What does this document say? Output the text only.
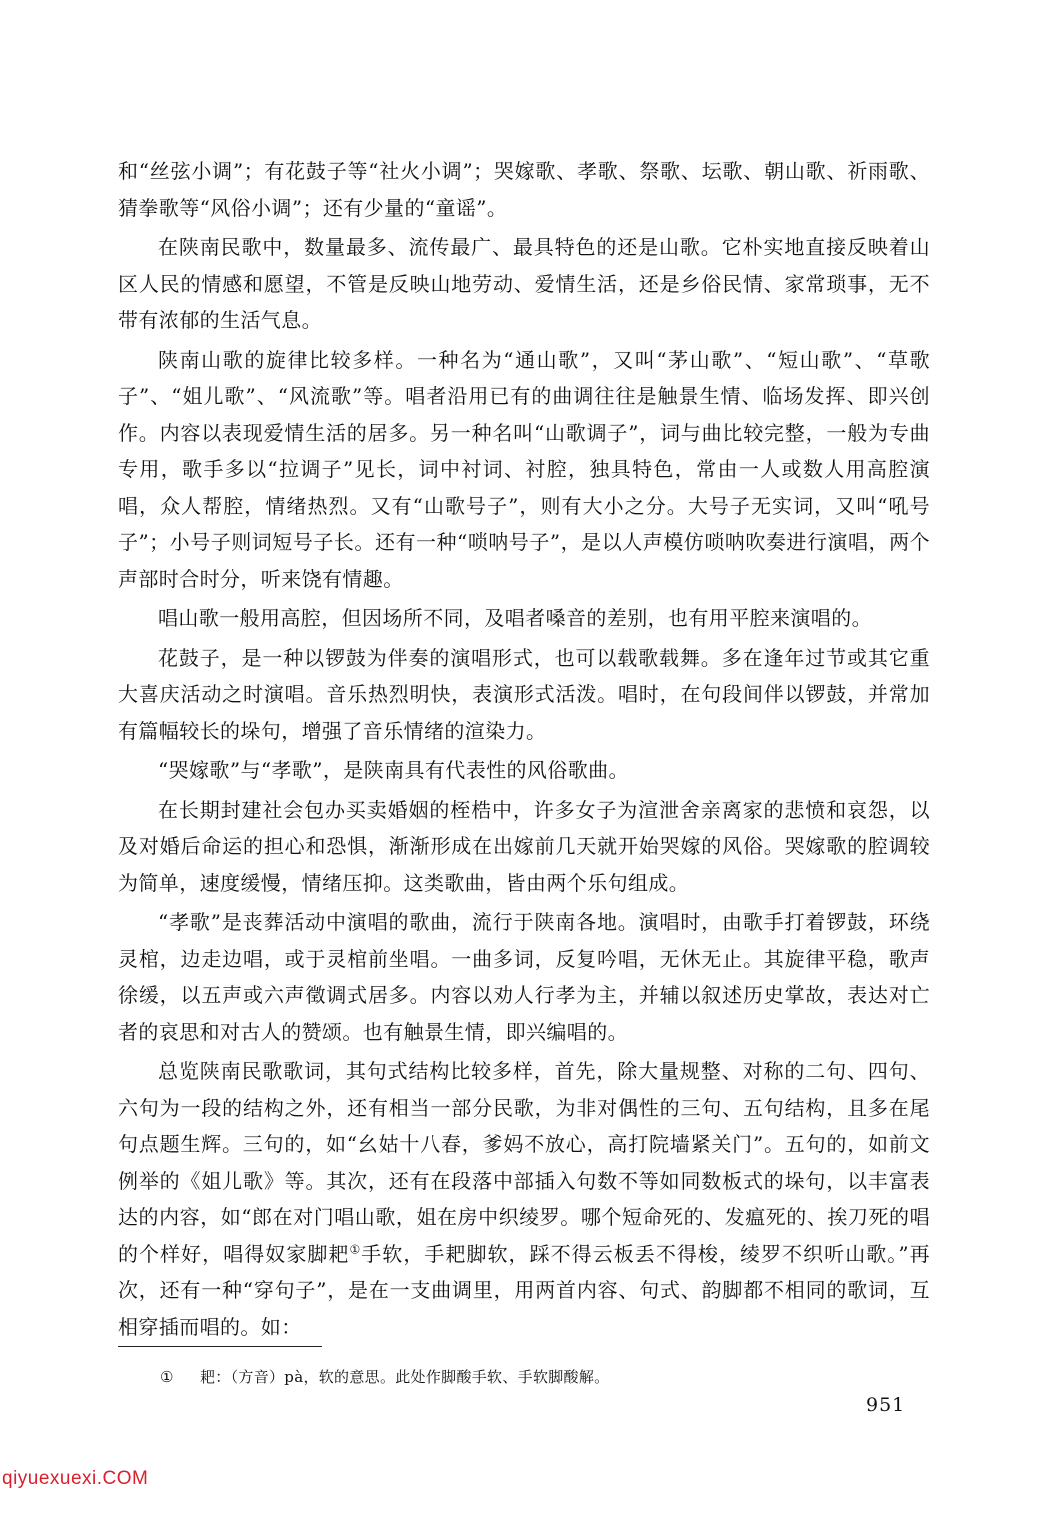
和“丝弦小调”；有花鼓子等“社火小调”；哭嫁歌、孝歌、祭歌、坛歌、朝山歌、祈雨歌、猜拳歌等“风俗小调”；还有少量的“童谣”。

在陕南民歌中，数量最多、流传最广、最具特色的还是山歌。它朴实地直接反映着山区人民的情感和愿望，不管是反映山地劳动、爱情生活，还是乡俗民情、家常琐事，无不带有浓郁的生活气息。

陕南山歌的旋律比较多样。一种名为“通山歌”，又叫“茅山歌”、“短山歌”、“草歌子”、“姐儿歌”、“风流歌”等。唱者沿用已有的曲调往往是触景生情、临场发挥、即兴创作。内容以表现爱情生活的居多。另一种名叫“山歌调子”，词与曲比较完整，一般为专曲专用，歌手多以“拉调子”见长，词中衬词、衬腔，独具特色，常由一人或数人用高腔演唱，众人帮腔，情绪热烈。又有“山歌号子”，则有大小之分。大号子无实词，又叫“吼号子”；小号子则词短号子长。还有一种“唢呐号子”，是以人声模仿唢呐吹奏进行演唱，两个声部时合时分，听来饶有情趣。

唱山歌一般用高腔，但因场所不同，及唱者嗓音的差别，也有用平腔来演唱的。

花鼓子，是一种以锣鼓为伴奏的演唱形式，也可以载歌载舞。多在逢年过节或其它重大喜庆活动之时演唱。音乐热烈明快，表演形式活泼。唱时，在句段间伴以锣鼓，并常加有篇幅较长的垛句，增强了音乐情绪的渲染力。

“哭嫁歌”与“孝歌”，是陕南具有代表性的风俗歌曲。

在长期封建社会包办买卖婚姻的桎梏中，许多女子为渲泄舍亲离家的悲愤和哀怨，以及对婚后命运的担心和恐惧，渐渐形成在出嫁前几天就开始哭嫁的风俗。哭嫁歌的腔调较为简单，速度缓慢，情绪压抑。这类歌曲，皆由两个乐句组成。

“孝歌”是丧葬活动中演唱的歌曲，流行于陕南各地。演唱时，由歌手打着锣鼓，环绕灵棺，边走边唱，或于灵棺前坐唱。一曲多词，反复吟唱，无休无止。其旋律平稳，歌声徐缓，以五声或六声徵调式居多。内容以劝人行孝为主，并辅以叙述历史掌故，表达对亡者的哀思和对古人的赞颂。也有触景生情，即兴编唱的。

总览陕南民歌歌词，其句式结构比较多样，首先，除大量规整、对称的二句、四句、六句为一段的结构之外，还有相当一部分民歌，为非对偶性的三句、五句结构，且多在尾句点题生辉。三句的，如“幺姑十八春，爹妈不放心，高打院墙紧关门”。五句的，如前文例举的《姐儿歌》等。其次，还有在段落中部插入句数不等如同数板式的垛句，以丰富表达的内容，如“郎在对门唱山歌，姐在房中织绫罗。哪个短命死的、发瘟死的、挨刀死的唱的个样好，唱得奴家脚耙①手软，手耙脚软，踩不得云板丢不得梭，绫罗不织听山歌。”再次，还有一种“穿句子”，是在一支曲调里，用两首内容、句式、韵脚都不相同的歌词，互相穿插而唱的。如：

① 耙：（方音）pà，软的意思。此处作脚酸手软、手软脚酸解。
951
qiyuexuexi.COM
